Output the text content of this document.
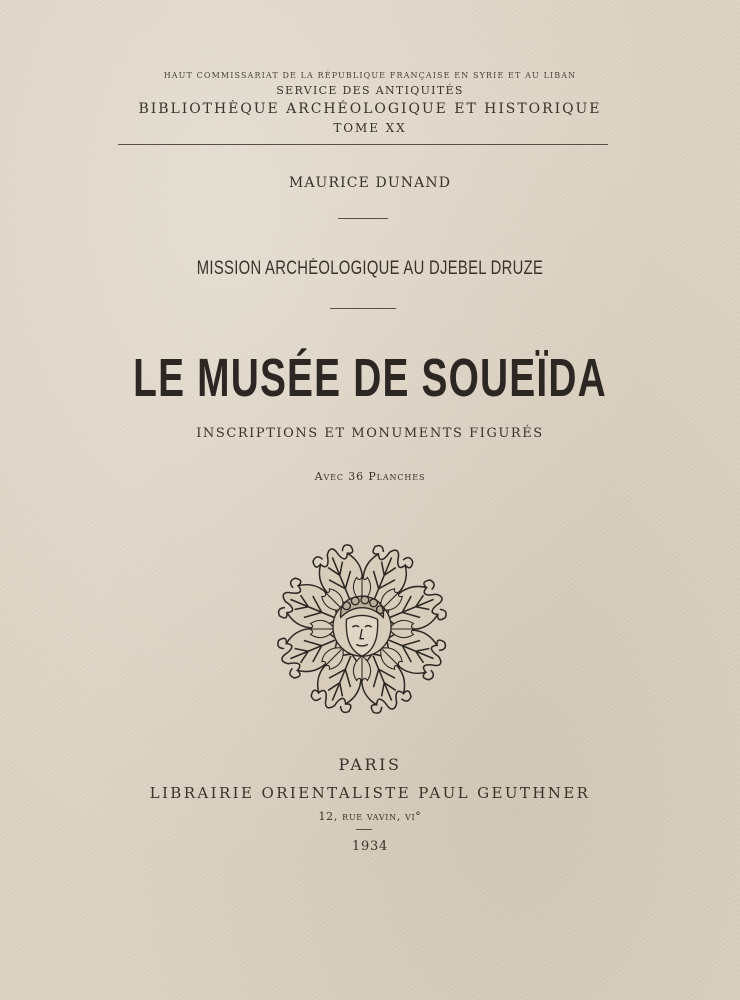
HAUT COMMISSARIAT DE LA RÉPUBLIQUE FRANÇAISE EN SYRIE ET AU LIBAN
SERVICE DES ANTIQUITÉS
BIBLIOTHÈQUE ARCHÉOLOGIQUE ET HISTORIQUE
TOME XX
MAURICE DUNAND
MISSION ARCHÉOLOGIQUE AU DJEBEL DRUZE
LE MUSÉE DE SOUEÏDA
INSCRIPTIONS ET MONUMENTS FIGURÉS
Avec 36 Planches
PARIS
LIBRAIRIE ORIENTALISTE PAUL GEUTHNER
12, rue vavin, vi°
1934
